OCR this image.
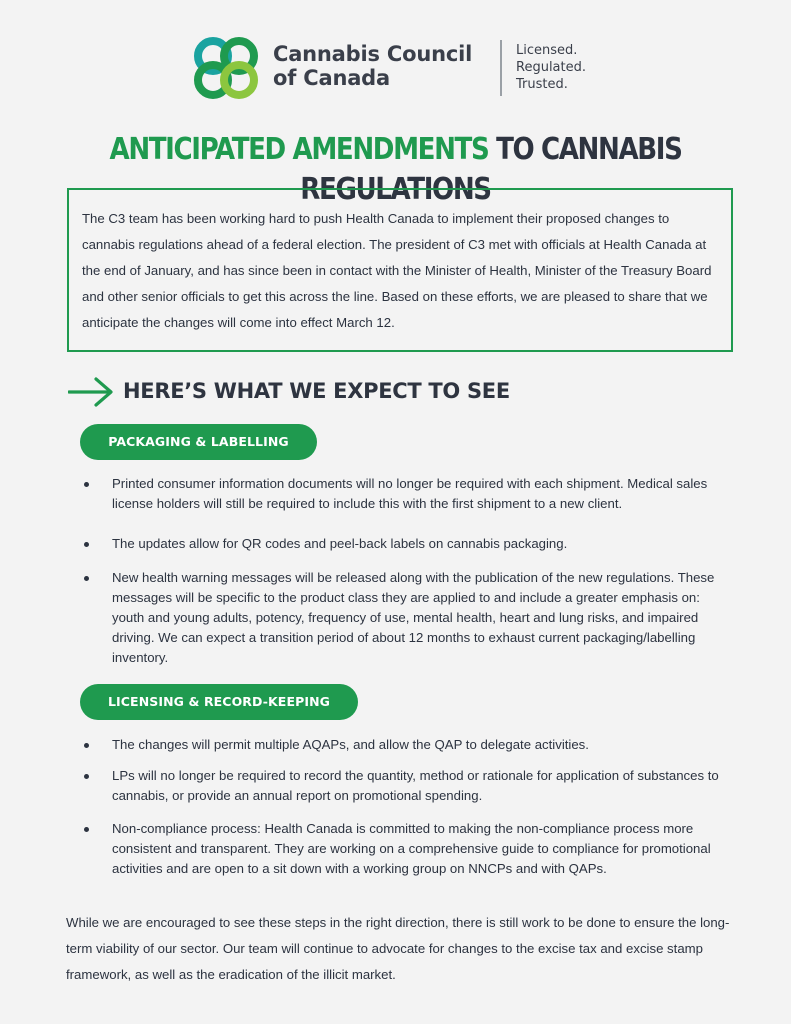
Cannabis Council
of Canada
Licensed.
Regulated.
Trusted.
ANTICIPATED AMENDMENTS TO CANNABIS REGULATIONS

The C3 team has been working hard to push Health Canada to implement their proposed changes to cannabis regulations ahead of a federal election. The president of C3 met with officials at Health Canada at the end of January, and has since been in contact with the Minister of Health, Minister of the Treasury Board and other senior officials to get this across the line. Based on these efforts, we are pleased to share that we anticipate the changes will come into effect March 12.

HERE’S WHAT WE EXPECT TO SEE
PACKAGING & LABELLING
Printed consumer information documents will no longer be required with each shipment. Medical sales license holders will still be required to include this with the first shipment to a new client.
The updates allow for QR codes and peel-back labels on cannabis packaging.
New health warning messages will be released along with the publication of the new regulations. These messages will be specific to the product class they are applied to and include a greater emphasis on: youth and young adults, potency, frequency of use, mental health, heart and lung risks, and impaired driving. We can expect a transition period of about 12 months to exhaust current packaging/labelling inventory.
LICENSING & RECORD-KEEPING
The changes will permit multiple AQAPs, and allow the QAP to delegate activities.
LPs will no longer be required to record the quantity, method or rationale for application of substances to cannabis, or provide an annual report on promotional spending.
Non-compliance process: Health Canada is committed to making the non-compliance process more consistent and transparent. They are working on a comprehensive guide to compliance for promotional activities and are open to a sit down with a working group on NNCPs and with QAPs.

While we are encouraged to see these steps in the right direction, there is still work to be done to ensure the long-term viability of our sector. Our team will continue to advocate for changes to the excise tax and excise stamp framework, as well as the eradication of the illicit market.
